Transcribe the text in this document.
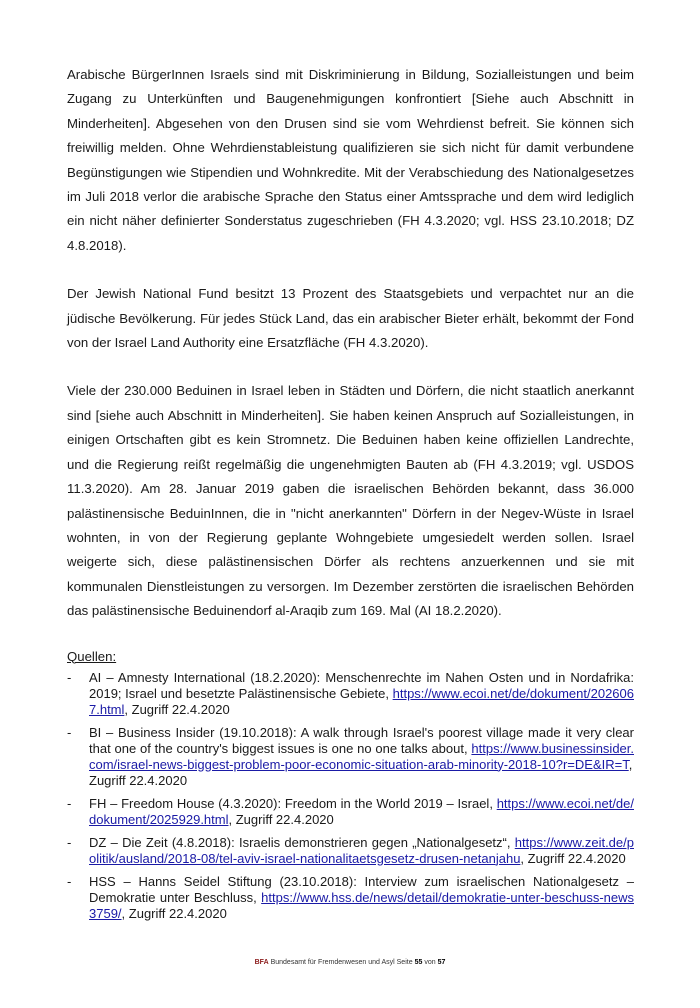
Arabische BürgerInnen Israels sind mit Diskriminierung in Bildung, Sozialleistungen und beim Zugang zu Unterkünften und Baugenehmigungen konfrontiert [Siehe auch Abschnitt in Minderheiten]. Abgesehen von den Drusen sind sie vom Wehrdienst befreit. Sie können sich freiwillig melden. Ohne Wehrdienstableistung qualifizieren sie sich nicht für damit verbundene Begünstigungen wie Stipendien und Wohnkredite. Mit der Verabschiedung des Nationalgesetzes im Juli 2018 verlor die arabische Sprache den Status einer Amtssprache und dem wird lediglich ein nicht näher definierter Sonderstatus zugeschrieben (FH 4.3.2020; vgl. HSS 23.10.2018; DZ 4.8.2018).

Der Jewish National Fund besitzt 13 Prozent des Staatsgebiets und verpachtet nur an die jüdische Bevölkerung. Für jedes Stück Land, das ein arabischer Bieter erhält, bekommt der Fond von der Israel Land Authority eine Ersatzfläche (FH 4.3.2020).

Viele der 230.000 Beduinen in Israel leben in Städten und Dörfern, die nicht staatlich anerkannt sind [siehe auch Abschnitt in Minderheiten]. Sie haben keinen Anspruch auf Sozialleistungen, in einigen Ortschaften gibt es kein Stromnetz. Die Beduinen haben keine offiziellen Landrechte, und die Regierung reißt regelmäßig die ungenehmigten Bauten ab (FH 4.3.2019; vgl. USDOS 11.3.2020). Am 28. Januar 2019 gaben die israelischen Behörden bekannt, dass 36.000 palästinensische BeduinInnen, die in "nicht anerkannten" Dörfern in der Negev-Wüste in Israel wohnten, in von der Regierung geplante Wohngebiete umgesiedelt werden sollen. Israel weigerte sich, diese palästinensischen Dörfer als rechtens anzuerkennen und sie mit kommunalen Dienstleistungen zu versorgen. Im Dezember zerstörten die israelischen Behörden das palästinensische Beduinendorf al-Araqib zum 169. Mal (AI 18.2.2020).

Quellen:
- AI – Amnesty International (18.2.2020): Menschenrechte im Nahen Osten und in Nordafrika: 2019; Israel und besetzte Palästinensische Gebiete, https://www.ecoi.net/de/dokument/2026067.html, Zugriff 22.4.2020
- BI – Business Insider (19.10.2018): A walk through Israel's poorest village made it very clear that one of the country's biggest issues is one no one talks about, https://www.businessinsider.com/israel-news-biggest-problem-poor-economic-situation-arab-minority-2018-10?r=DE&IR=T, Zugriff 22.4.2020
- FH – Freedom House (4.3.2020): Freedom in the World 2019 – Israel, https://www.ecoi.net/de/dokument/2025929.html, Zugriff 22.4.2020
- DZ – Die Zeit (4.8.2018): Israelis demonstrieren gegen „Nationalgesetz“, https://www.zeit.de/politik/ausland/2018-08/tel-aviv-israel-nationalitaetsgesetz-drusen-netanjahu, Zugriff 22.4.2020
- HSS – Hanns Seidel Stiftung (23.10.2018): Interview zum israelischen Nationalgesetz – Demokratie unter Beschluss, https://www.hss.de/news/detail/demokratie-unter-beschuss-news3759/, Zugriff 22.4.2020
BFA Bundesamt für Fremdenwesen und Asyl Seite 55 von 57
